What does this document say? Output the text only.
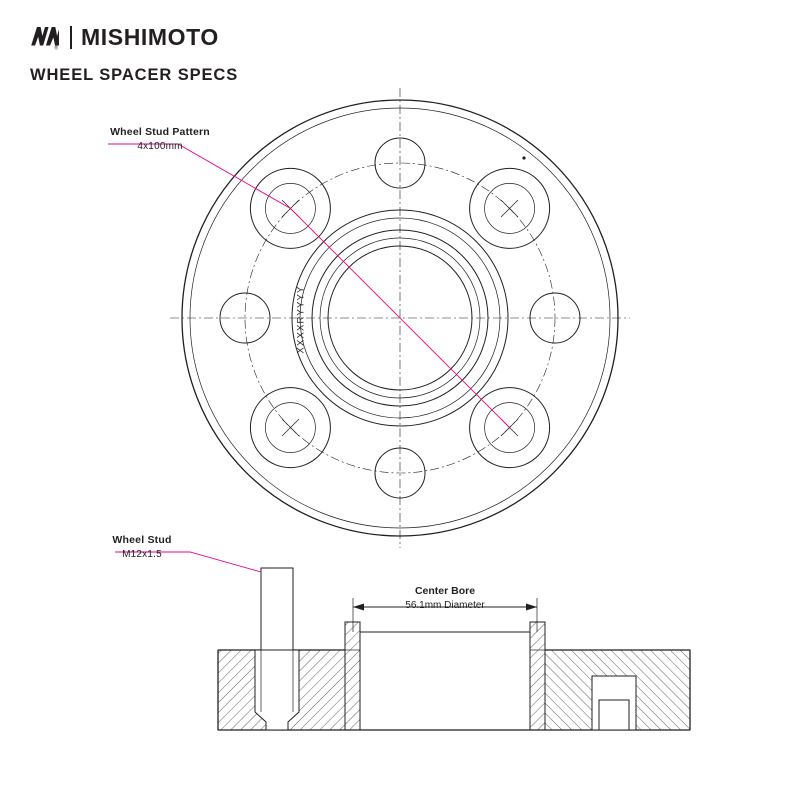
® MISHIMOTO
WHEEL SPACER SPECS
Wheel Stud Pattern
4x100mm
Wheel Stud
M12x1.5
Center Bore
56.1mm Diameter
XXXXRYYYY
